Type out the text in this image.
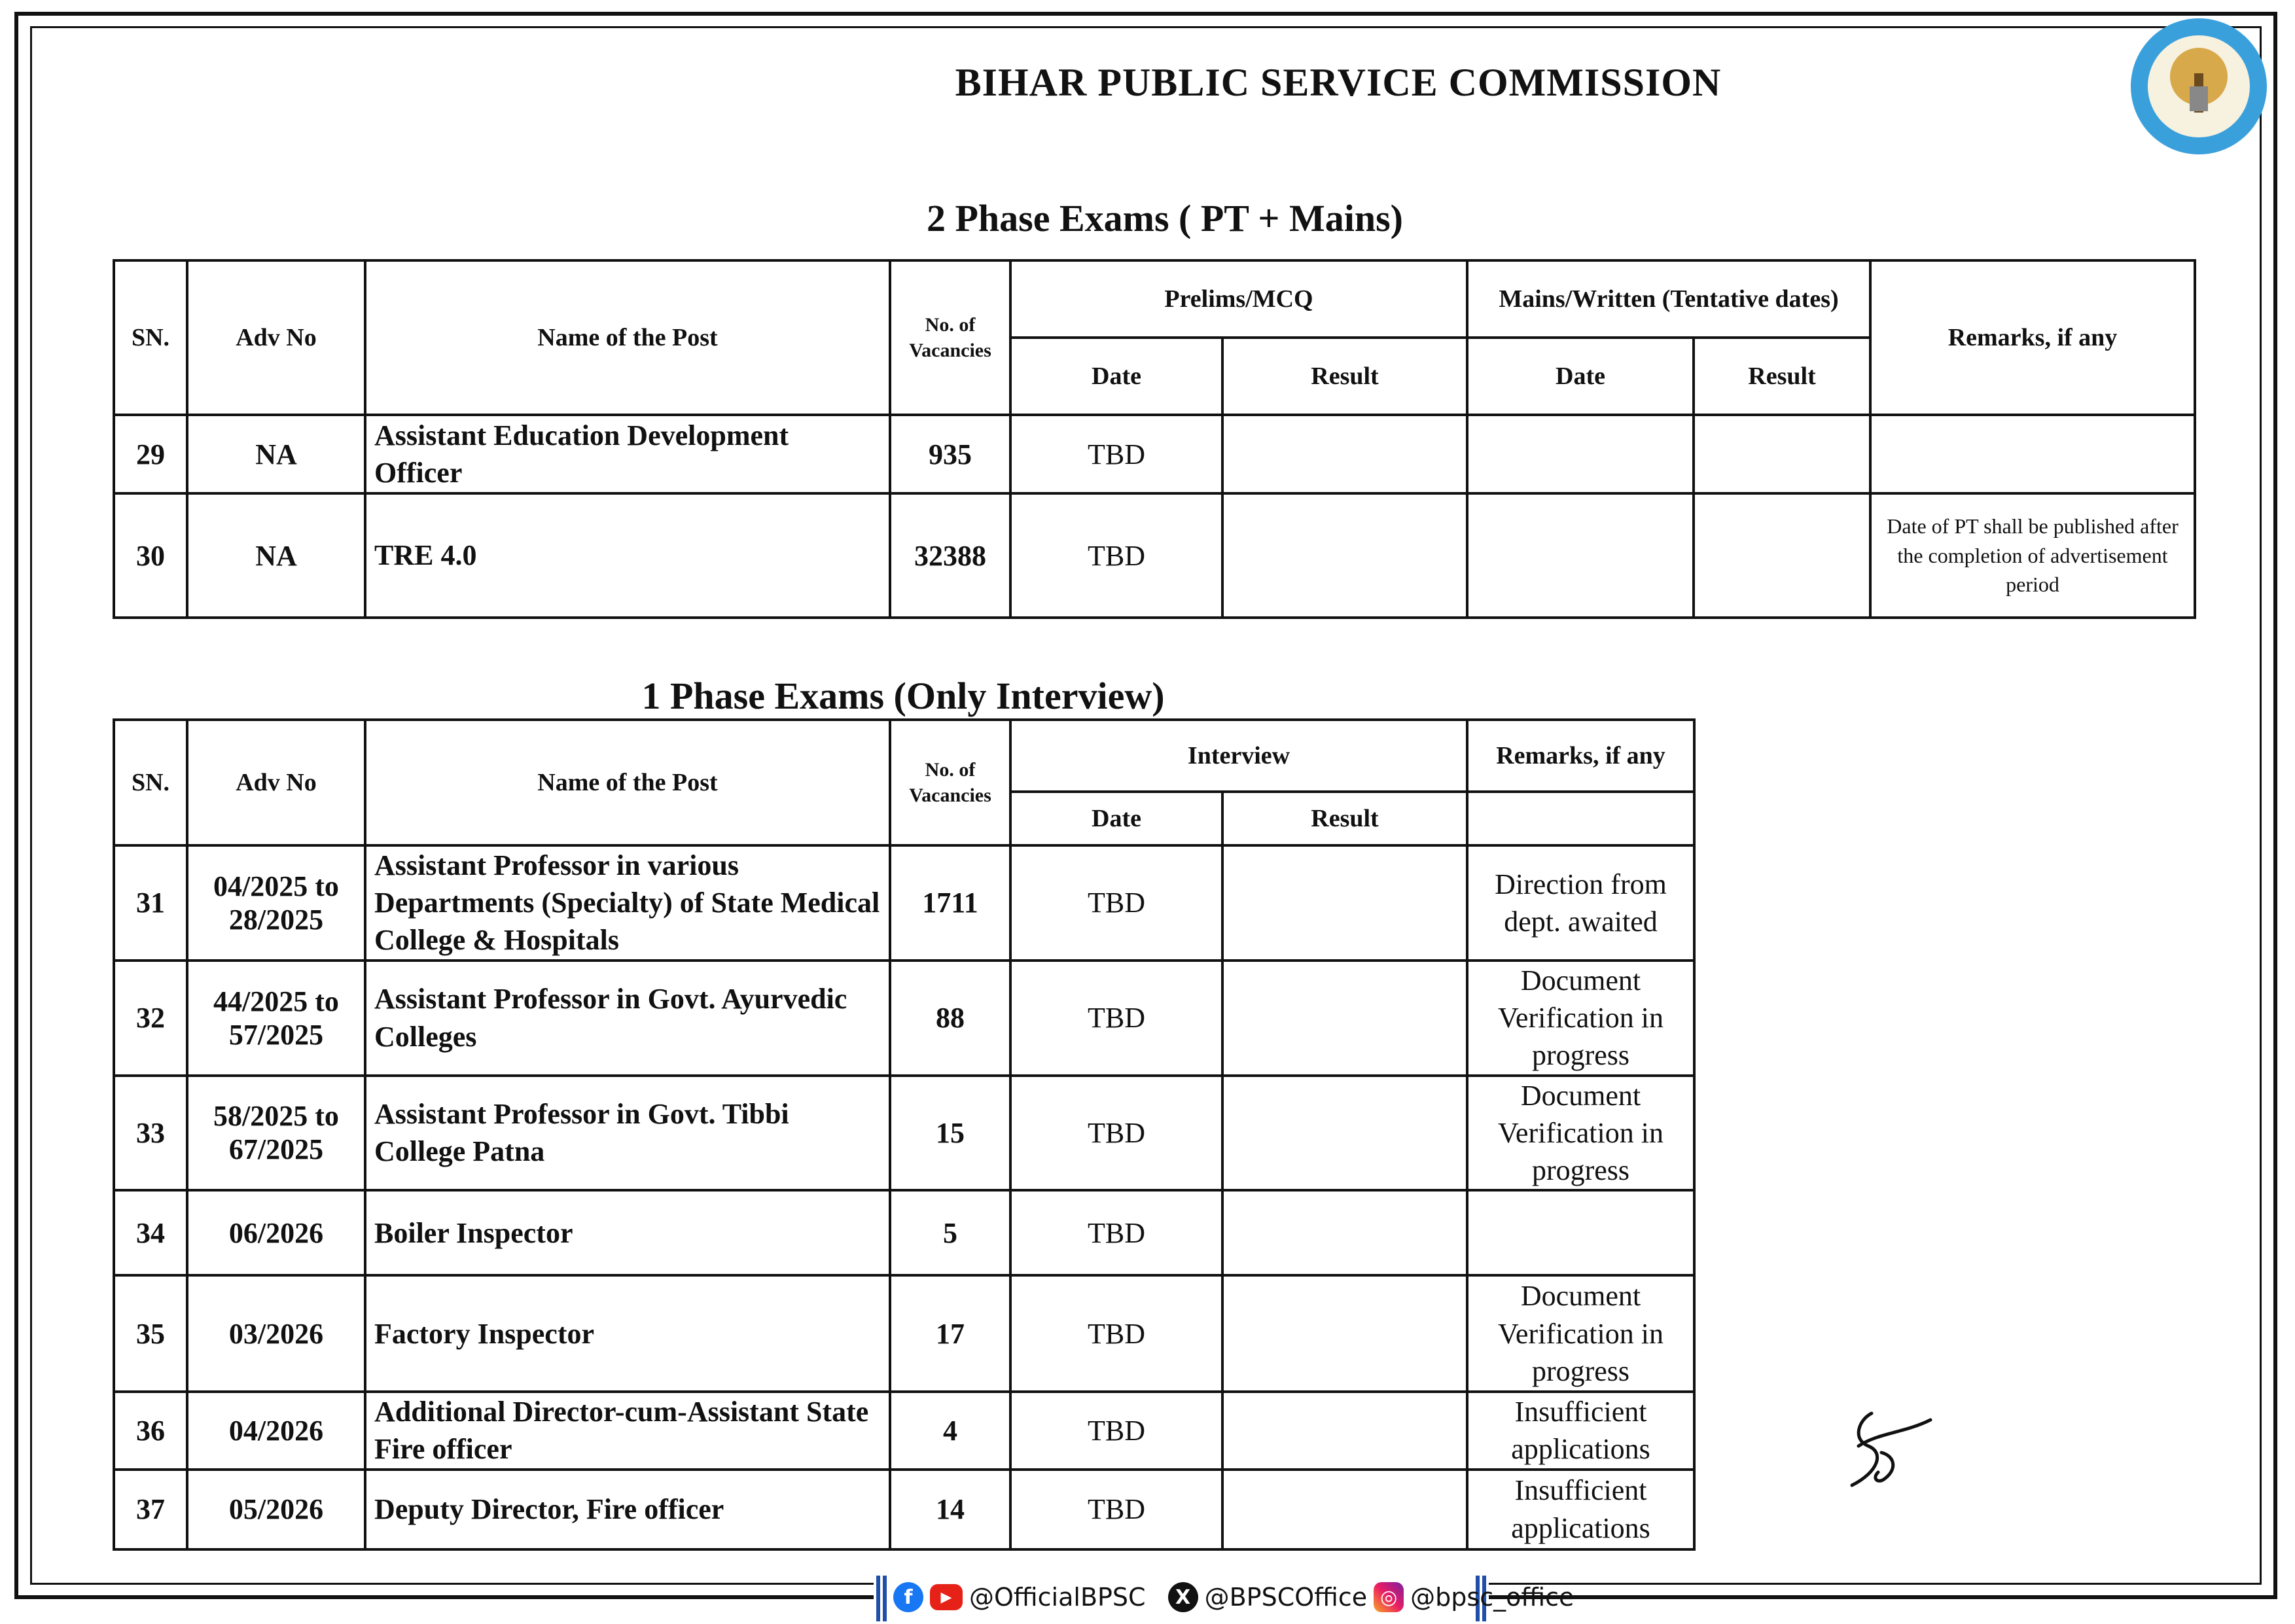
BIHAR PUBLIC SERVICE COMMISSION
2 Phase Exams ( PT + Mains)
SN.	Adv No	Name of the Post	No. of Vacancies	Prelims/MCQ		Mains/Written (Tentative dates)		Remarks, if any
				Date	Result	Date	Result	
29	NA	Assistant Education Development Officer	935	TBD				
30	NA	TRE 4.0	32388	TBD				Date of PT shall be published after the completion of advertisement period
1 Phase Exams (Only Interview)
SN.	Adv No	Name of the Post	No. of Vacancies	Interview		Remarks, if any
				Date	Result	
31	04/2025 to 28/2025	Assistant Professor in various Departments (Specialty) of State Medical College & Hospitals	1711	TBD		Direction from dept. awaited
32	44/2025 to 57/2025	Assistant Professor in Govt. Ayurvedic Colleges	88	TBD		Document Verification in progress
33	58/2025 to 67/2025	Assistant Professor in Govt. Tibbi College Patna	15	TBD		Document Verification in progress
34	06/2026	Boiler Inspector	5	TBD		
35	03/2026	Factory Inspector	17	TBD		Document Verification in progress
36	04/2026	Additional Director-cum-Assistant State Fire officer	4	TBD		Insufficient applications
37	05/2026	Deputy Director, Fire officer	14	TBD		Insufficient applications
f	▶ @OfficialBPSC	X @BPSCOffice ◎ @bpsc_office
